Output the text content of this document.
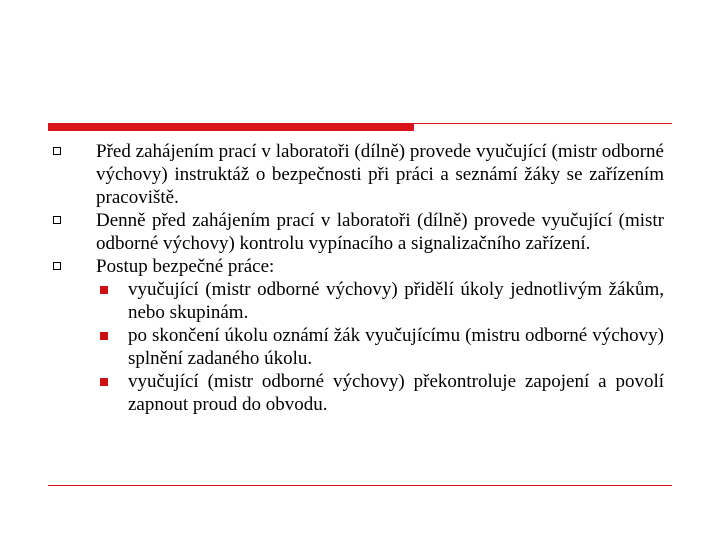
Před zahájením prací v laboratoři (dílně) provede vyučující (mistr odborné výchovy) instruktáž o bezpečnosti při práci a seznámí žáky se zařízením pracoviště.
Denně před zahájením prací v laboratoři (dílně) provede vyučující (mistr odborné výchovy) kontrolu vypínacího a signalizačního zařízení.
Postup bezpečné práce:
vyučující (mistr odborné výchovy) přidělí úkoly jednotlivým žákům, nebo skupinám.
po skončení úkolu oznámí žák vyučujícímu (mistru odborné výchovy) splnění zadaného úkolu.
vyučující (mistr odborné výchovy) překontroluje zapojení a povolí zapnout proud do obvodu.
